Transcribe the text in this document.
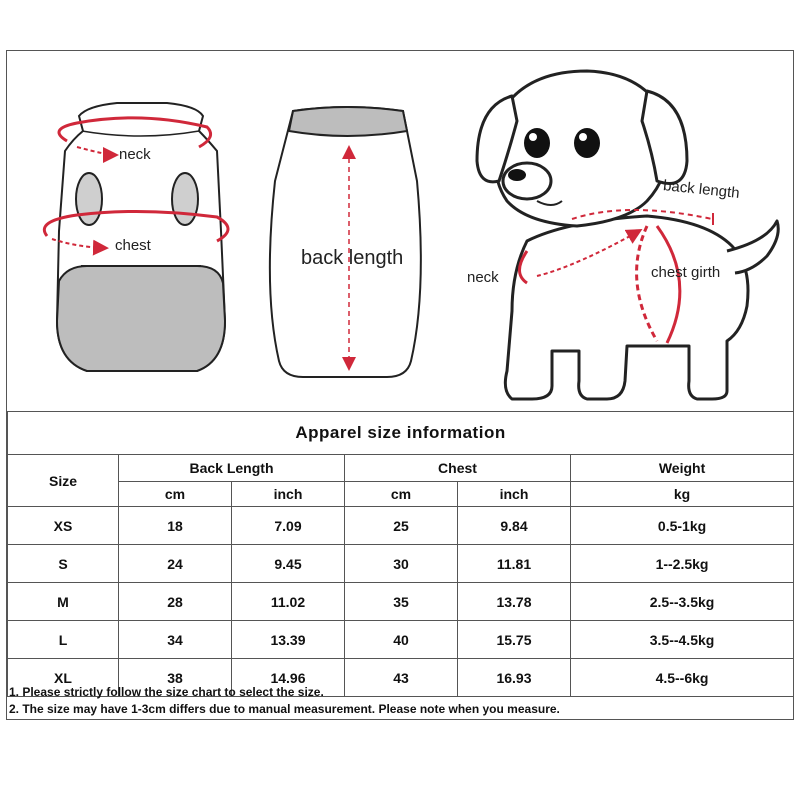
neck
chest
back length
back length
neck	chest girth
Apparel size information					
Size	Back Length		Chest		Weight
	cm	inch	cm	inch	kg
XS	18	7.09	25	9.84	0.5-1kg
S	24	9.45	30	11.81	1--2.5kg
M	28	11.02	35	13.78	2.5--3.5kg
L	34	13.39	40	15.75	3.5--4.5kg
XL	38	14.96	43	16.93	4.5--6kg
1. Please strictly follow the size chart to select the size.
2. The size may have 1-3cm differs due to manual measurement. Please note when you measure.
